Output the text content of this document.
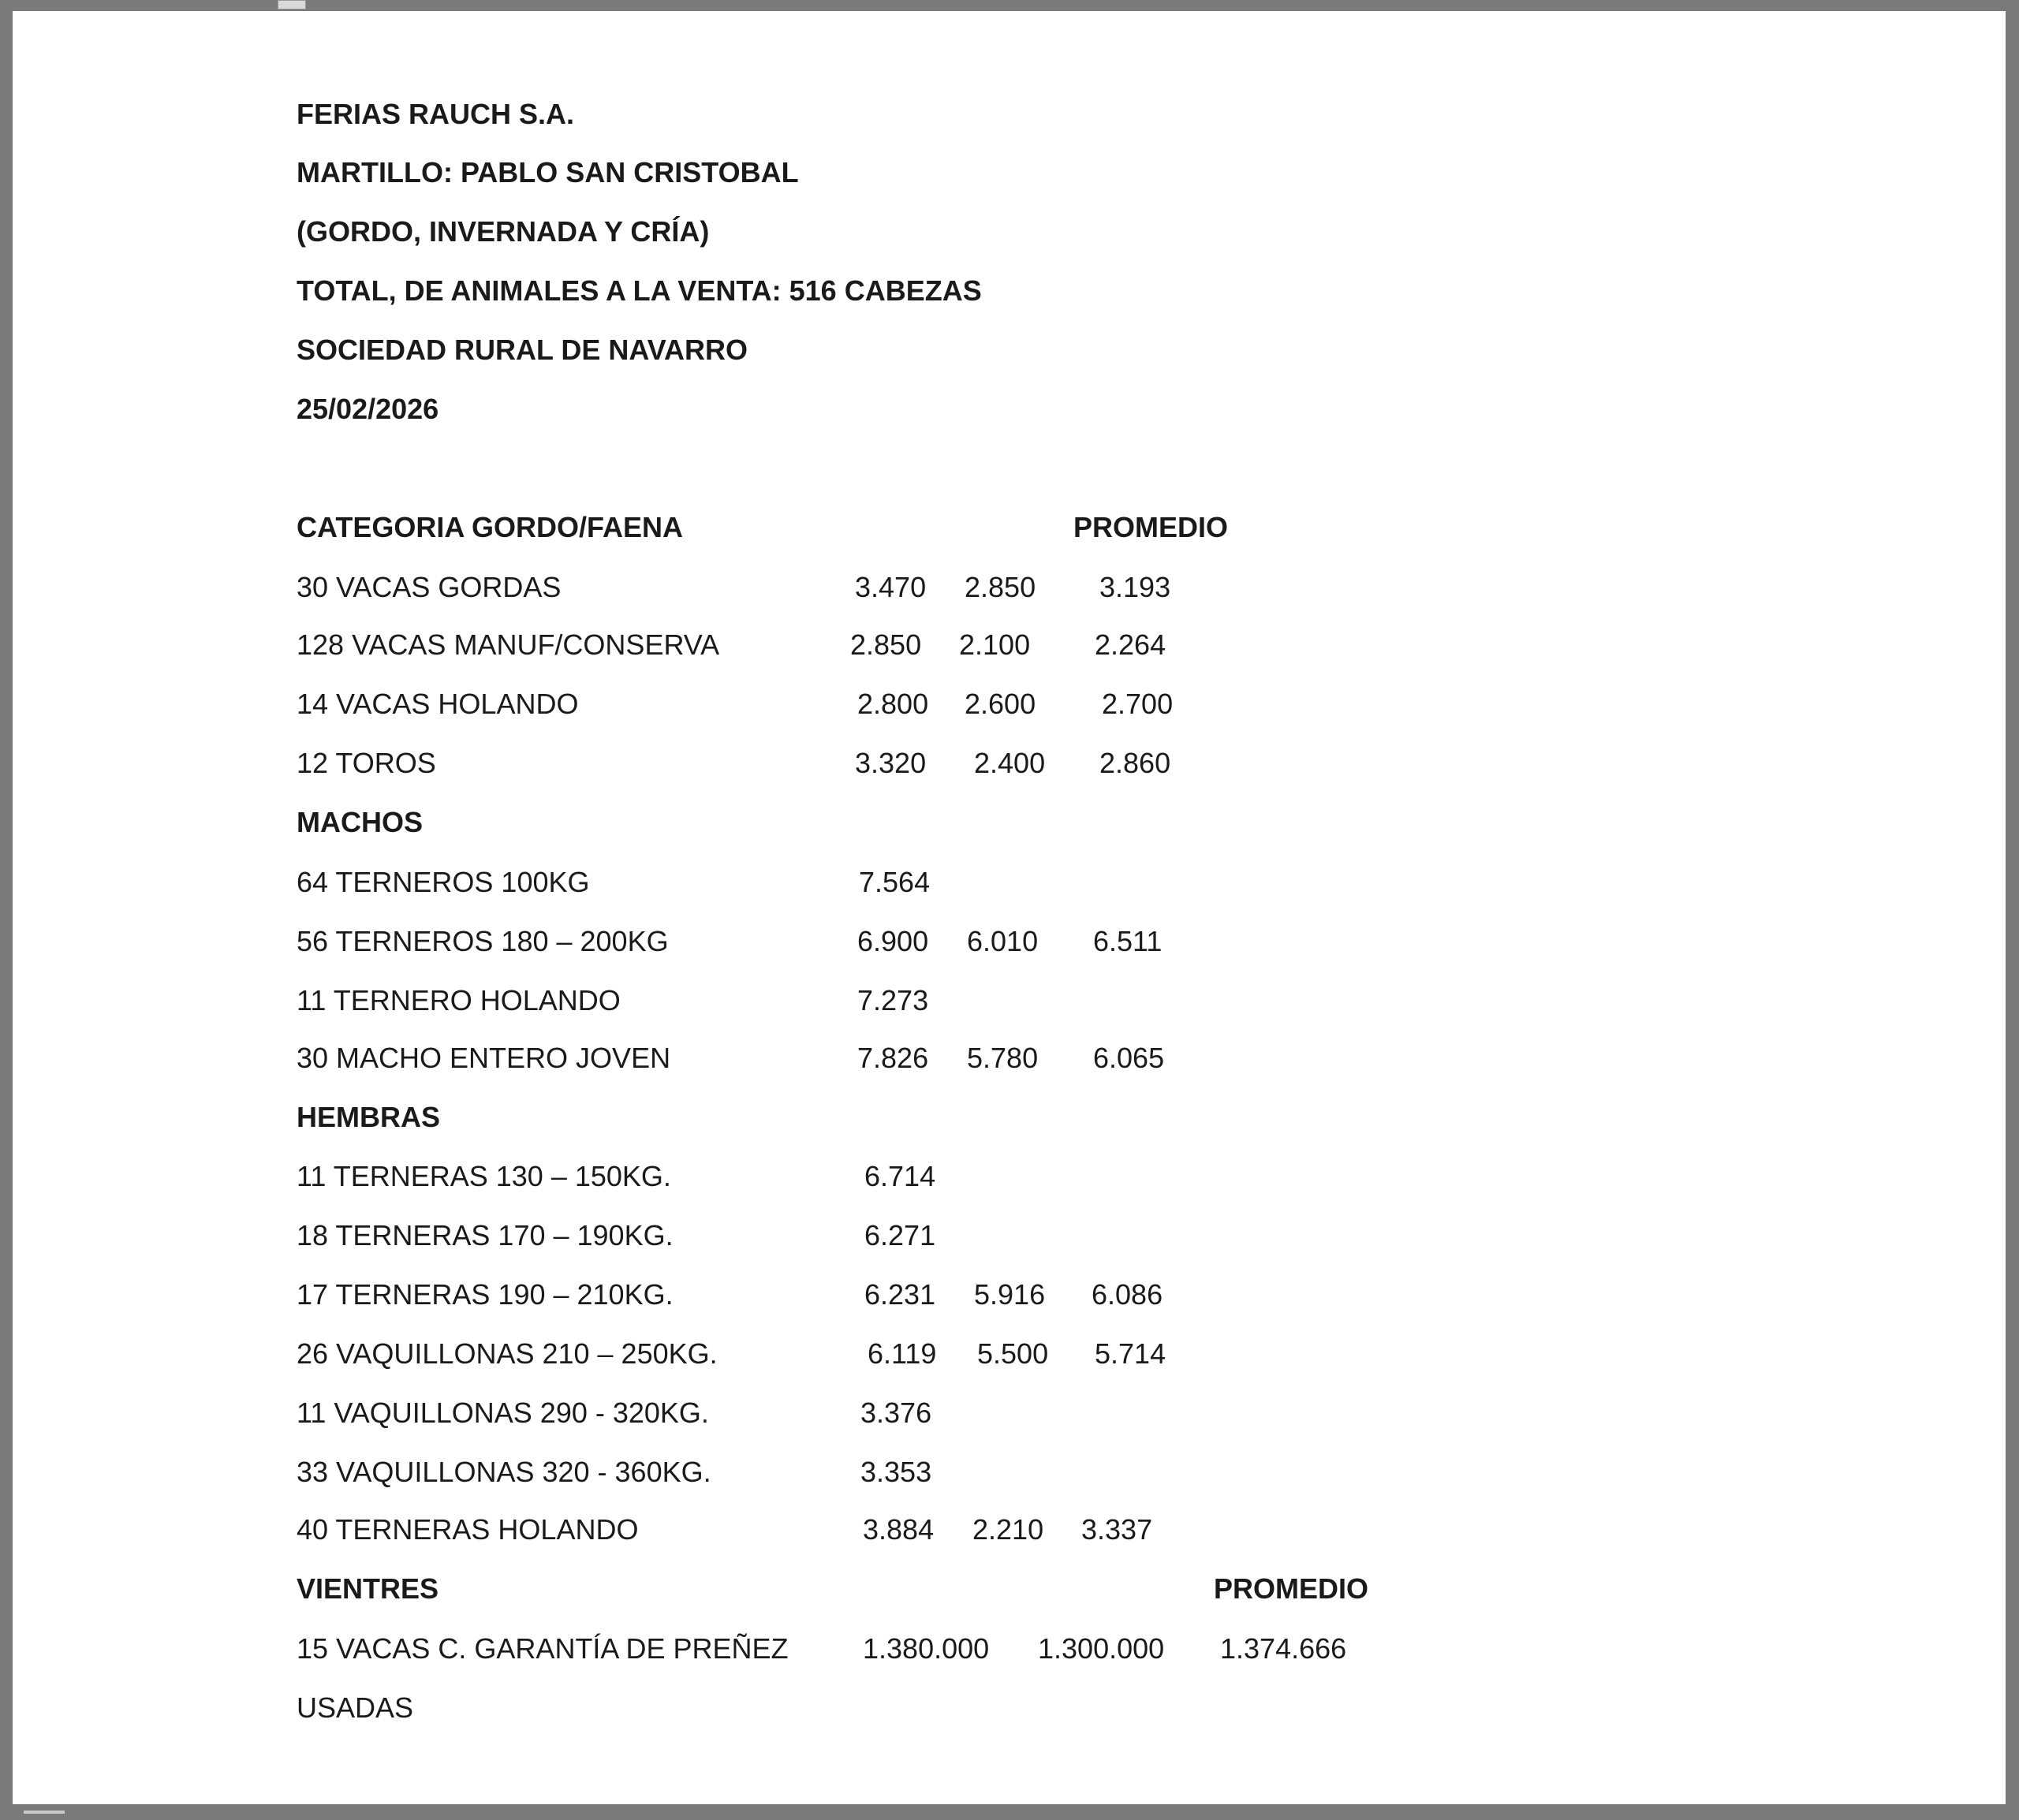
FERIAS RAUCH S.A.
MARTILLO: PABLO SAN CRISTOBAL
(GORDO, INVERNADA Y CRÍA)
TOTAL, DE ANIMALES A LA VENTA: 516 CABEZAS
SOCIEDAD RURAL DE NAVARRO
25/02/2026
CATEGORIA GORDO/FAENA	PROMEDIO
30 VACAS GORDAS	3.470 2.850 3.193
128 VACAS MANUF/CONSERVA	2.850 2.100 2.264
14 VACAS HOLANDO	2.800 2.600 2.700
12 TOROS	3.320 2.400 2.860
MACHOS
64 TERNEROS 100KG	7.564
56 TERNEROS 180 – 200KG	6.900 6.010 6.511
11 TERNERO HOLANDO	7.273
30 MACHO ENTERO JOVEN	7.826 5.780 6.065
HEMBRAS
11 TERNERAS 130 – 150KG.	6.714
18 TERNERAS 170 – 190KG.	6.271
17 TERNERAS 190 – 210KG.	6.231 5.916 6.086
26 VAQUILLONAS 210 – 250KG.	6.119 5.500 5.714
11 VAQUILLONAS 290 - 320KG.	3.376
33 VAQUILLONAS 320 - 360KG.	3.353
40 TERNERAS HOLANDO	3.884 2.210 3.337
VIENTRES	PROMEDIO
15 VACAS C. GARANTÍA DE PREÑEZ	1.380.000 1.300.000 1.374.666
USADAS
